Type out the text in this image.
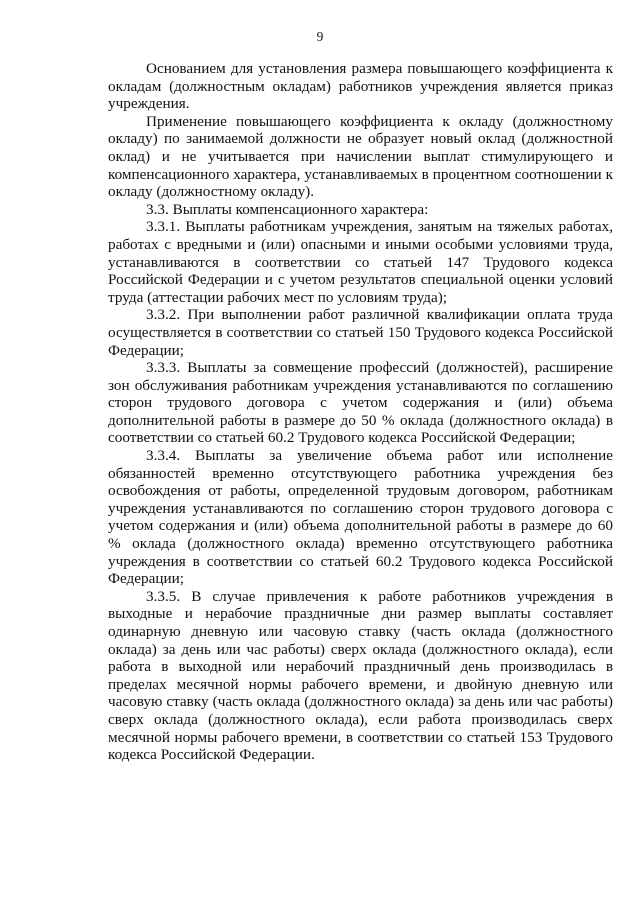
9

Основанием для установления размера повышающего коэффициента к окладам (должностным окладам) работников учреждения является приказ учреждения.

Применение повышающего коэффициента к окладу (должностному окладу) по занимаемой должности не образует новый оклад (должностной оклад) и не учитывается при начислении выплат стимулирующего и компенсационного характера, устанавливаемых в процентном соотношении к окладу (должностному окладу).

3.3. Выплаты компенсационного характера:

3.3.1. Выплаты работникам учреждения, занятым на тяжелых работах, работах с вредными и (или) опасными и иными особыми условиями труда, устанавливаются в соответствии со статьей 147 Трудового кодекса Российской Федерации и с учетом результатов специальной оценки условий труда (аттестации рабочих мест по условиям труда);

3.3.2. При выполнении работ различной квалификации оплата труда осуществляется в соответствии со статьей 150 Трудового кодекса Российской Федерации;

3.3.3. Выплаты за совмещение профессий (должностей), расширение зон обслуживания работникам учреждения устанавливаются по соглашению сторон трудового договора с учетом содержания и (или) объема дополнительной работы в размере до 50 % оклада (должностного оклада) в соответствии со статьей 60.2 Трудового кодекса Российской Федерации;

3.3.4. Выплаты за увеличение объема работ или исполнение обязанностей временно отсутствующего работника учреждения без освобождения от работы, определенной трудовым договором, работникам учреждения устанавливаются по соглашению сторон трудового договора с учетом содержания и (или) объема дополнительной работы в размере до 60 % оклада (должностного оклада) временно отсутствующего работника учреждения в соответствии со статьей 60.2 Трудового кодекса Российской Федерации;

3.3.5. В случае привлечения к работе работников учреждения в выходные и нерабочие праздничные дни размер выплаты составляет одинарную дневную или часовую ставку (часть оклада (должностного оклада) за день или час работы) сверх оклада (должностного оклада), если работа в выходной или нерабочий праздничный день производилась в пределах месячной нормы рабочего времени, и двойную дневную или часовую ставку (часть оклада (должностного оклада) за день или час работы) сверх оклада (должностного оклада), если работа производилась сверх месячной нормы рабочего времени, в соответствии со статьей 153 Трудового кодекса Российской Федерации.
